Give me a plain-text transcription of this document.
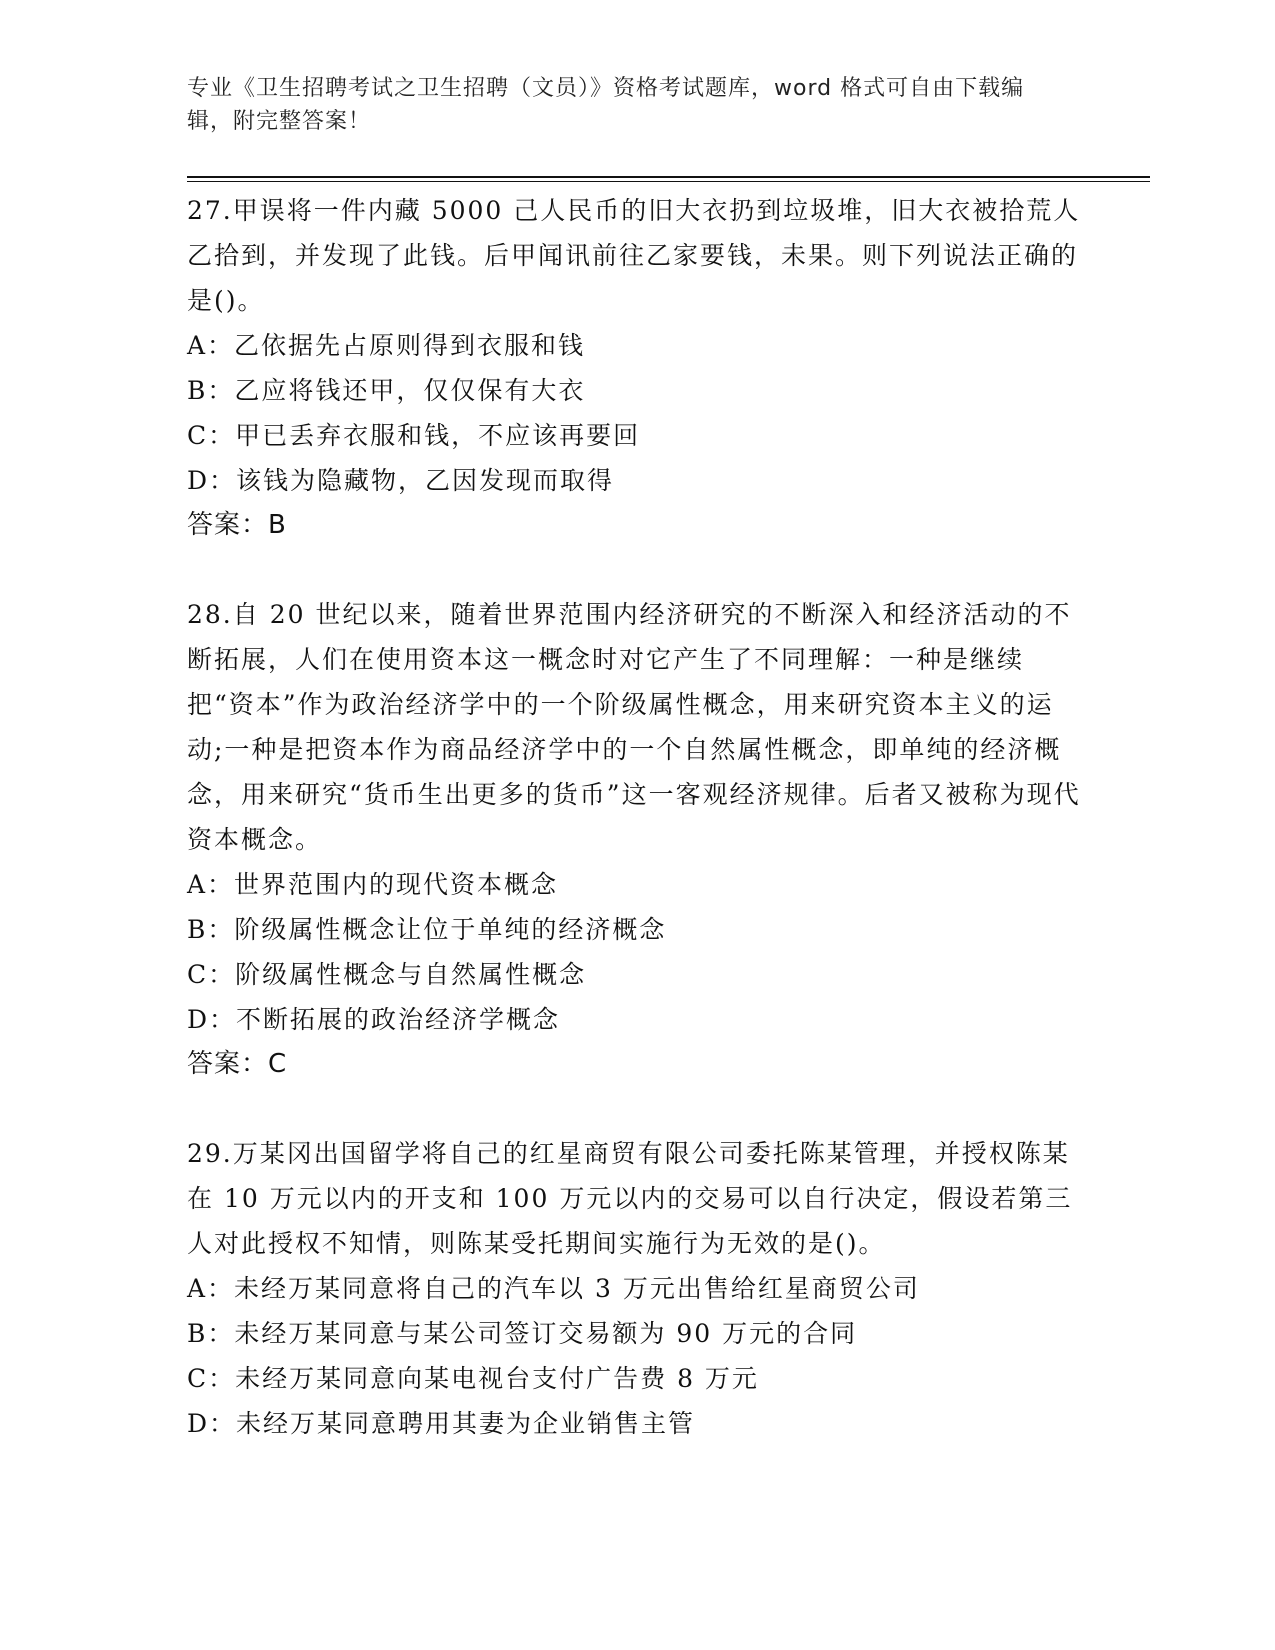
专业《卫生招聘考试之卫生招聘（文员）》资格考试题库，word 格式可自由下载编辑，附完整答案！

27.甲误将一件内藏 5000 己人民币的旧大衣扔到垃圾堆，旧大衣被拾荒人乙拾到，并发现了此钱。后甲闻讯前往乙家要钱，未果。则下列说法正确的是()。

A：乙依据先占原则得到衣服和钱

B：乙应将钱还甲，仅仅保有大衣

C：甲已丢弃衣服和钱，不应该再要回

D：该钱为隐藏物，乙因发现而取得

答案：B

28.自 20 世纪以来，随着世界范围内经济研究的不断深入和经济活动的不断拓展，人们在使用资本这一概念时对它产生了不同理解：一种是继续把“资本”作为政治经济学中的一个阶级属性概念，用来研究资本主义的运动;一种是把资本作为商品经济学中的一个自然属性概念，即单纯的经济概念，用来研究“货币生出更多的货币”这一客观经济规律。后者又被称为现代资本概念。

A：世界范围内的现代资本概念

B：阶级属性概念让位于单纯的经济概念

C：阶级属性概念与自然属性概念

D：不断拓展的政治经济学概念

答案：C

29.万某冈出国留学将自己的红星商贸有限公司委托陈某管理，并授权陈某在 10 万元以内的开支和 100 万元以内的交易可以自行决定，假设若第三人对此授权不知情，则陈某受托期间实施行为无效的是()。

A：未经万某同意将自己的汽车以 3 万元出售给红星商贸公司

B：未经万某同意与某公司签订交易额为 90 万元的合同

C：未经万某同意向某电视台支付广告费 8 万元

D：未经万某同意聘用其妻为企业销售主管
